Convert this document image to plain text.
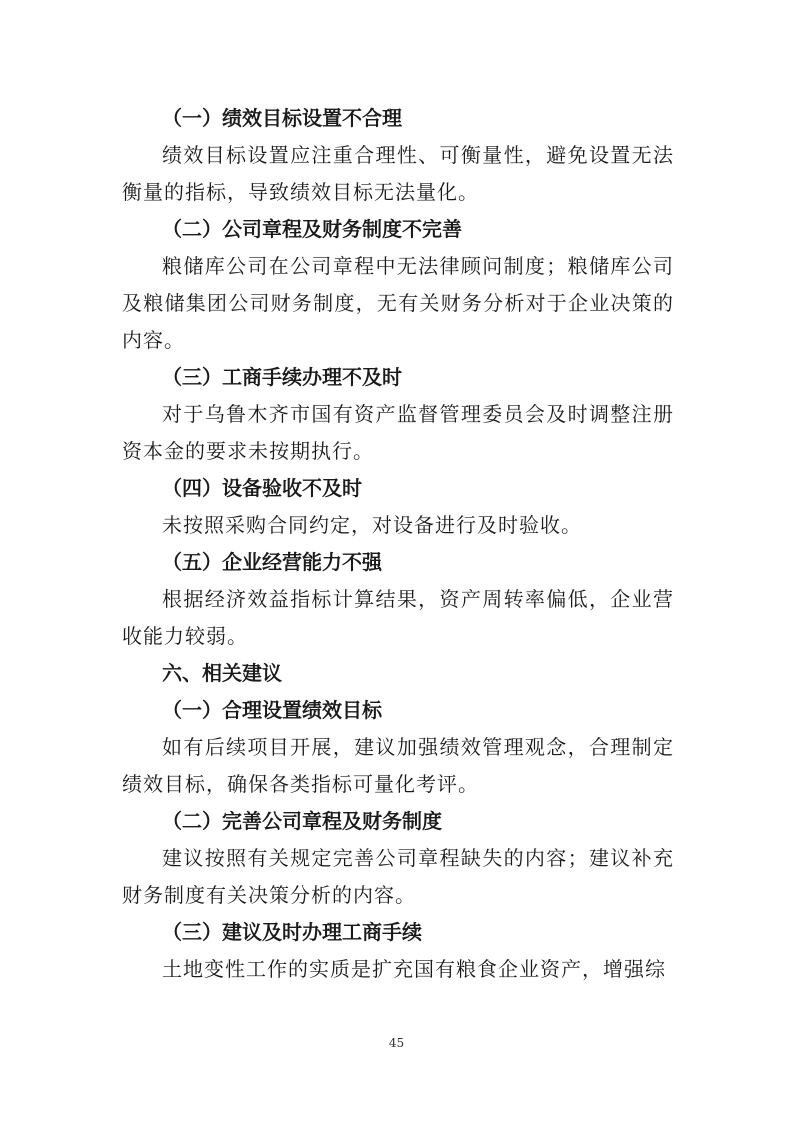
（一）绩效目标设置不合理

绩效目标设置应注重合理性、可衡量性，避免设置无法衡量的指标，导致绩效目标无法量化。

（二）公司章程及财务制度不完善

粮储库公司在公司章程中无法律顾问制度；粮储库公司及粮储集团公司财务制度，无有关财务分析对于企业决策的内容。

（三）工商手续办理不及时

对于乌鲁木齐市国有资产监督管理委员会及时调整注册资本金的要求未按期执行。

（四）设备验收不及时

未按照采购合同约定，对设备进行及时验收。

（五）企业经营能力不强

根据经济效益指标计算结果，资产周转率偏低，企业营收能力较弱。

六、相关建议
（一）合理设置绩效目标

如有后续项目开展，建议加强绩效管理观念，合理制定绩效目标，确保各类指标可量化考评。

（二）完善公司章程及财务制度

建议按照有关规定完善公司章程缺失的内容；建议补充财务制度有关决策分析的内容。

（三）建议及时办理工商手续

土地变性工作的实质是扩充国有粮食企业资产，增强综

45
